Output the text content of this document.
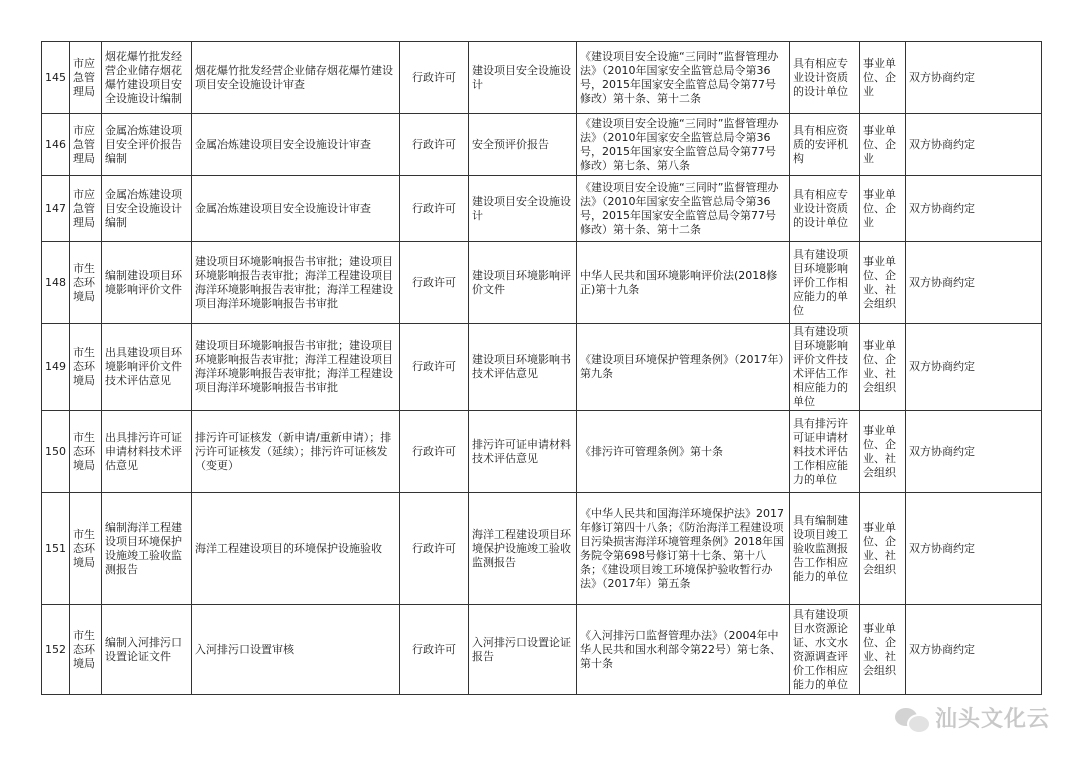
145	市应急管理局	烟花爆竹批发经营企业储存烟花爆竹建设项目安全设施设计编制	烟花爆竹批发经营企业储存烟花爆竹建设项目安全设施设计审查	行政许可	建设项目安全设施设计	《建设项目安全设施“三同时”监督管理办法》（2010年国家安全监管总局令第36号，2015年国家安全监管总局令第77号修改）第十条、第十二条	具有相应专业设计资质的设计单位	事业单位、企业	双方协商约定
146	市应急管理局	金属冶炼建设项目安全评价报告编制	金属冶炼建设项目安全设施设计审查	行政许可	安全预评价报告	《建设项目安全设施“三同时”监督管理办法》（2010年国家安全监管总局令第36号，2015年国家安全监管总局令第77号修改）第七条、第八条	具有相应资质的安评机构	事业单位、企业	双方协商约定
147	市应急管理局	金属冶炼建设项目安全设施设计编制	金属冶炼建设项目安全设施设计审查	行政许可	建设项目安全设施设计	《建设项目安全设施“三同时”监督管理办法》（2010年国家安全监管总局令第36号，2015年国家安全监管总局令第77号修改）第十条、第十二条	具有相应专业设计资质的设计单位	事业单位、企业	双方协商约定
148	市生态环境局	编制建设项目环境影响评价文件	建设项目环境影响报告书审批；建设项目环境影响报告表审批；海洋工程建设项目海洋环境影响报告表审批；海洋工程建设项目海洋环境影响报告书审批	行政许可	建设项目环境影响评价文件	中华人民共和国环境影响评价法(2018修正)第十九条	具有建设项目环境影响评价工作相应能力的单位	事业单位、企业、社会组织	双方协商约定
149	市生态环境局	出具建设项目环境影响评价文件技术评估意见	建设项目环境影响报告书审批；建设项目环境影响报告表审批；海洋工程建设项目海洋环境影响报告表审批；海洋工程建设项目海洋环境影响报告书审批	行政许可	建设项目环境影响书技术评估意见	《建设项目环境保护管理条例》（2017年）第九条	具有建设项目环境影响评价文件技术评估工作相应能力的单位	事业单位、企业、社会组织	双方协商约定
150	市生态环境局	出具排污许可证申请材料技术评估意见	排污许可证核发（新申请/重新申请）；排污许可证核发（延续）；排污许可证核发（变更）	行政许可	排污许可证申请材料技术评估意见	《排污许可管理条例》第十条	具有排污许可证申请材料技术评估工作相应能力的单位	事业单位、企业、社会组织	双方协商约定
151	市生态环境局	编制海洋工程建设项目环境保护设施竣工验收监测报告	海洋工程建设项目的环境保护设施验收	行政许可	海洋工程建设项目环境保护设施竣工验收监测报告	《中华人民共和国海洋环境保护法》2017年修订第四十八条；《防治海洋工程建设项目污染损害海洋环境管理条例》2018年国务院令第698号修订第十七条、第十八条；《建设项目竣工环境保护验收暂行办法》（2017年）第五条	具有编制建设项目竣工验收监测报告工作相应能力的单位	事业单位、企业、社会组织	双方协商约定
152	市生态环境局	编制入河排污口设置论证文件	入河排污口设置审核	行政许可	入河排污口设置论证报告	《入河排污口监督管理办法》（2004年中华人民共和国水利部令第22号）第七条、第十条	具有建设项目水资源论证、水文水资源调查评价工作相应能力的单位	事业单位、企业、社会组织	双方协商约定
汕头文化云
